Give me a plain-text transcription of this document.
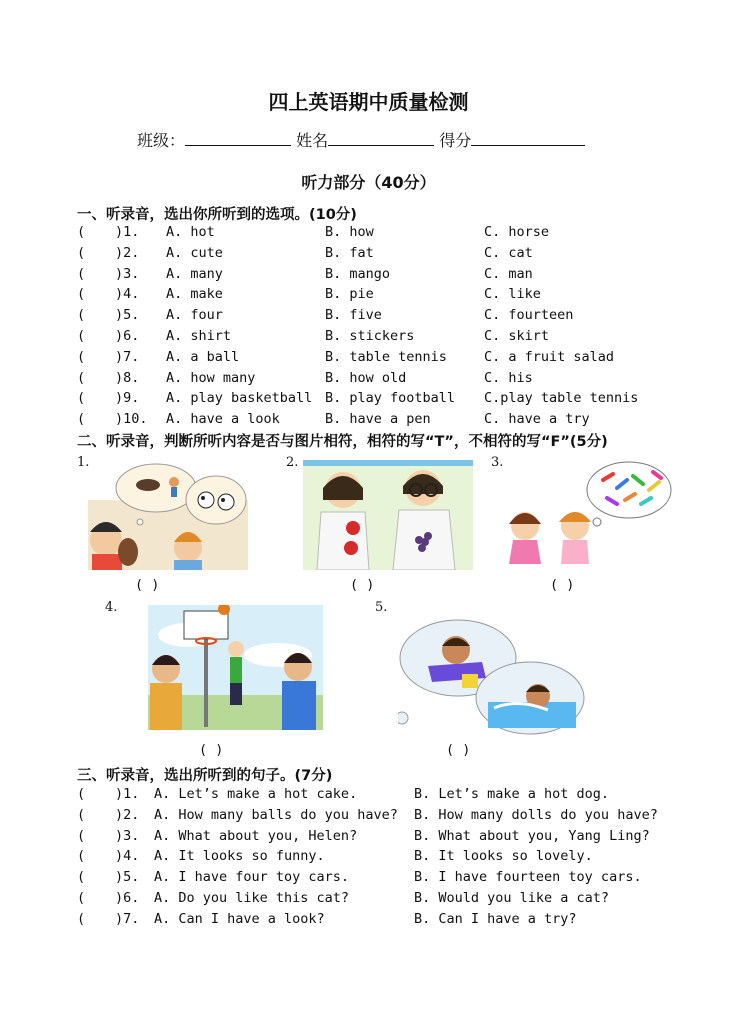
四上英语期中质量检测
班级：	姓名	得分
听力部分（40分）
一、听录音，选出你所听到的选项。(10分)
( )1. A. hot	B. how	C. horse
( )2. A. cute	B. fat	C. cat
( )3. A. many	B. mango	C. man
( )4. A. make	B. pie	C. like
( )5. A. four	B. five	C. fourteen
( )6. A. shirt	B. stickers	C. skirt
( )7. A. a ball	B. table tennis	C. a fruit salad
( )8. A. how many	B. how old	C. his
( )9. A. play basketball B. play football C.play table tennis
( )10. A. have a look	B. have a pen	C. have a try
二、听录音，判断所听内容是否与图片相符，相符的写“T”，不相符的写“F”(5分)
1.	2.	3.
4.	5.
( )	( )	( )
( )	( )
三、听录音，选出所听到的句子。(7分)
( )1. A. Let’s make a hot cake.	B. Let’s make a hot dog.
( )2. A. How many balls do you have? B. How many dolls do you have?
( )3. A. What about you, Helen?	B. What about you, Yang Ling?
( )4. A. It looks so funny.	B. It looks so lovely.
( )5. A. I have four toy cars.	B. I have fourteen toy cars.
( )6. A. Do you like this cat?	B. Would you like a cat?
( )7. A. Can I have a look?	B. Can I have a try?
